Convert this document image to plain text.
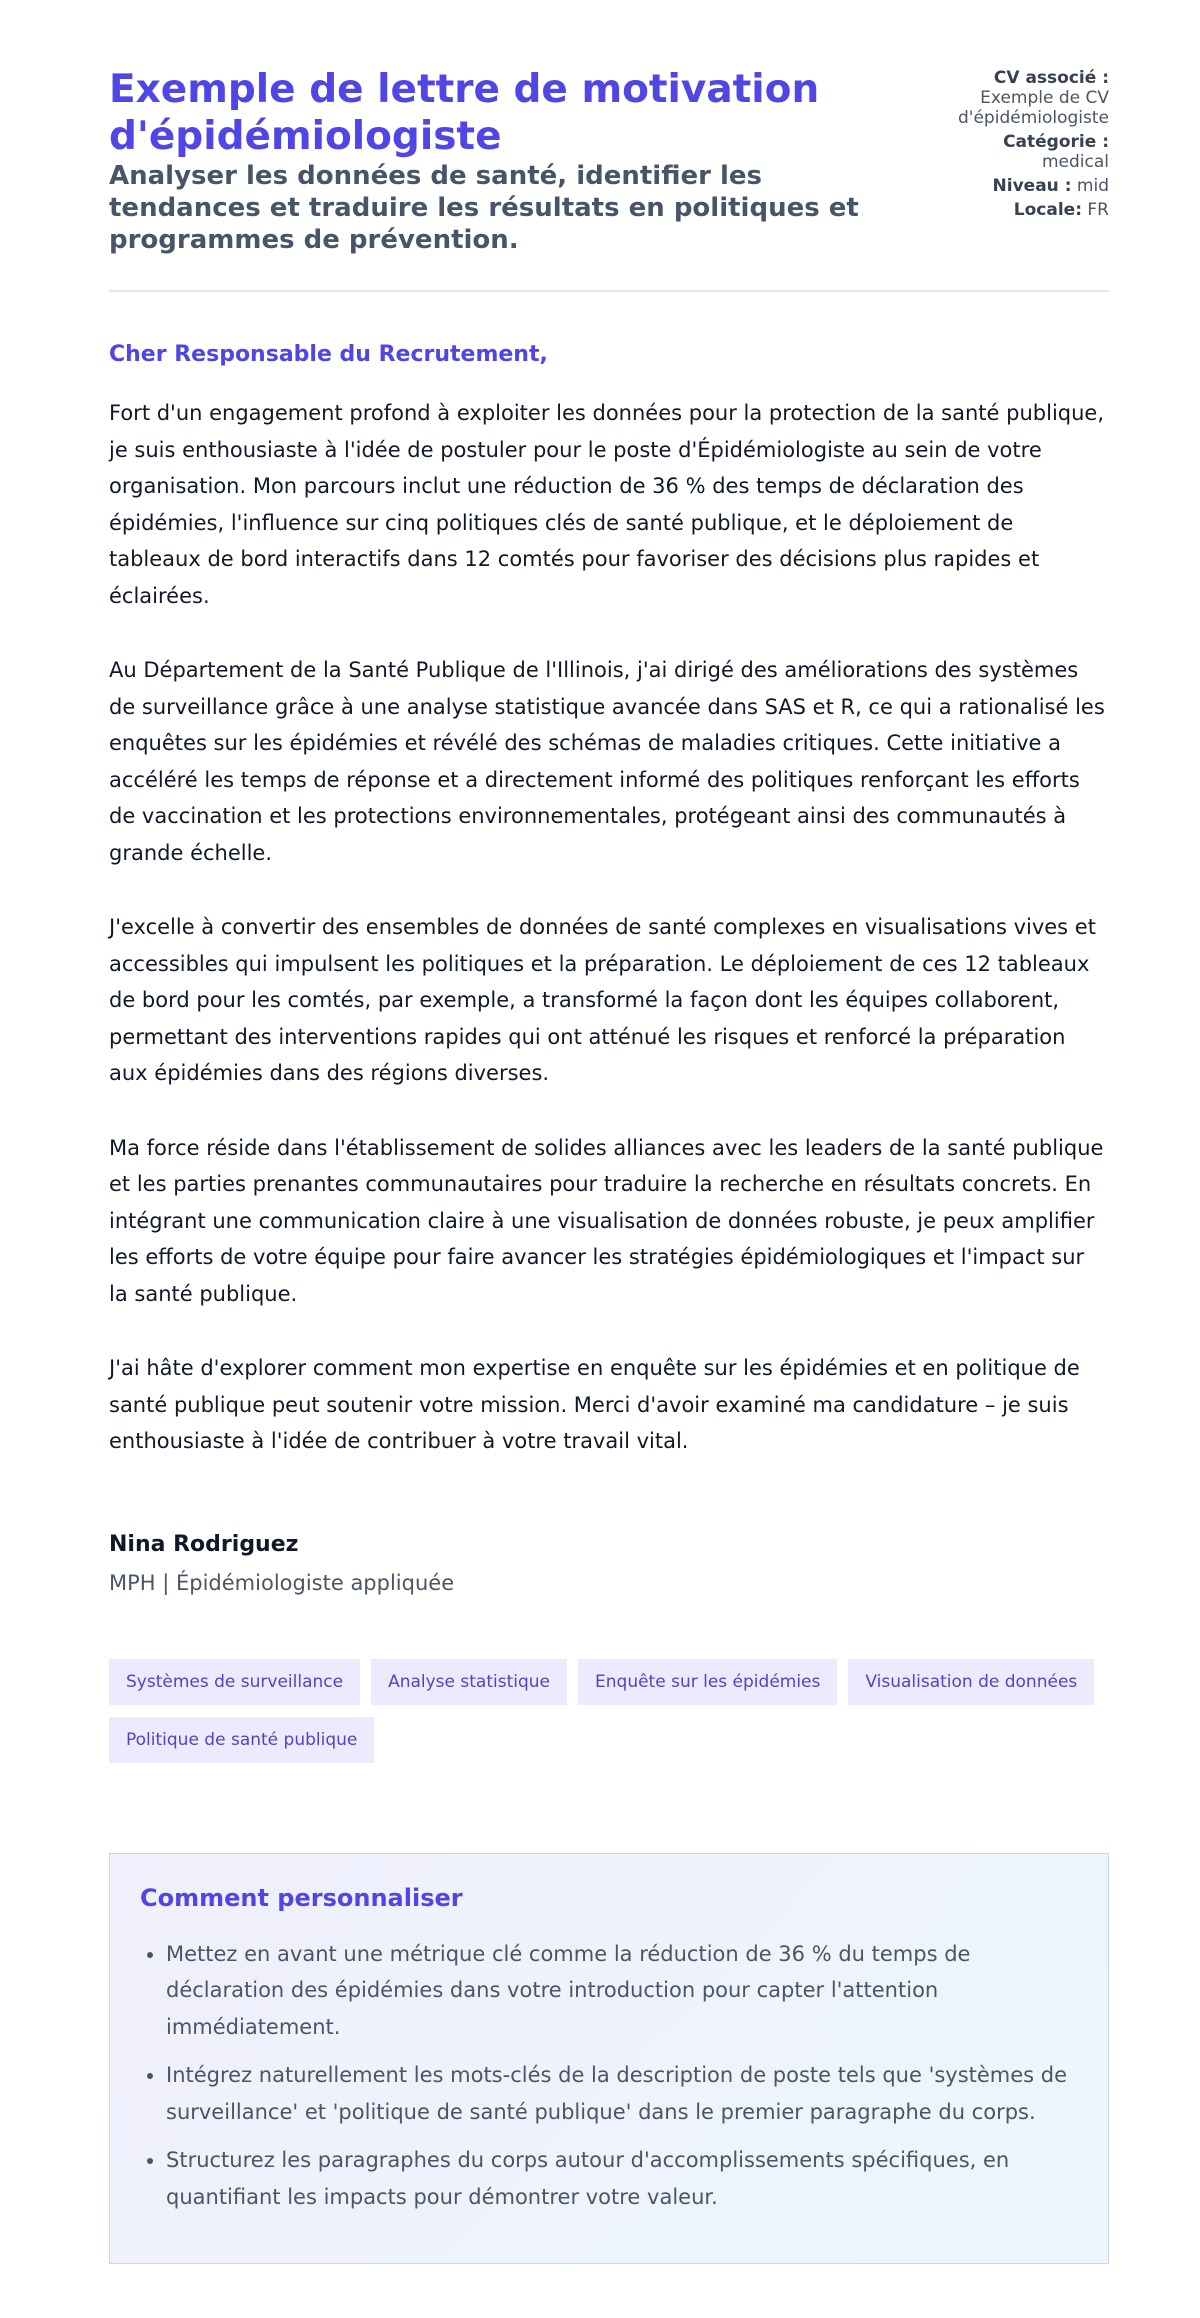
Exemple de lettre de motivation d'épidémiologiste
Analyser les données de santé, identifier les tendances et traduire les résultats en politiques et programmes de prévention.
CV associé :
Exemple de CV d'épidémiologiste
Catégorie :
medical
Niveau : mid
Locale: FR
Cher Responsable du Recrutement,

Fort d'un engagement profond à exploiter les données pour la protection de la santé publique, je suis enthousiaste à l'idée de postuler pour le poste d'Épidémiologiste au sein de votre organisation. Mon parcours inclut une réduction de 36 % des temps de déclaration des épidémies, l'influence sur cinq politiques clés de santé publique, et le déploiement de tableaux de bord interactifs dans 12 comtés pour favoriser des décisions plus rapides et éclairées.

Au Département de la Santé Publique de l'Illinois, j'ai dirigé des améliorations des systèmes de surveillance grâce à une analyse statistique avancée dans SAS et R, ce qui a rationalisé les enquêtes sur les épidémies et révélé des schémas de maladies critiques. Cette initiative a accéléré les temps de réponse et a directement informé des politiques renforçant les efforts de vaccination et les protections environnementales, protégeant ainsi des communautés à grande échelle.

J'excelle à convertir des ensembles de données de santé complexes en visualisations vives et accessibles qui impulsent les politiques et la préparation. Le déploiement de ces 12 tableaux de bord pour les comtés, par exemple, a transformé la façon dont les équipes collaborent, permettant des interventions rapides qui ont atténué les risques et renforcé la préparation aux épidémies dans des régions diverses.

Ma force réside dans l'établissement de solides alliances avec les leaders de la santé publique et les parties prenantes communautaires pour traduire la recherche en résultats concrets. En intégrant une communication claire à une visualisation de données robuste, je peux amplifier les efforts de votre équipe pour faire avancer les stratégies épidémiologiques et l'impact sur la santé publique.

J'ai hâte d'explorer comment mon expertise en enquête sur les épidémies et en politique de santé publique peut soutenir votre mission. Merci d'avoir examiné ma candidature – je suis enthousiaste à l'idée de contribuer à votre travail vital.

Nina Rodriguez
MPH | Épidémiologiste appliquée
Systèmes de surveillance	Analyse statistique	Enquête sur les épidémies	Visualisation de données
Politique de santé publique
Comment personnaliser
• Mettez en avant une métrique clé comme la réduction de 36 % du temps de déclaration des épidémies dans votre introduction pour capter l'attention immédiatement.
• Intégrez naturellement les mots-clés de la description de poste tels que 'systèmes de surveillance' et 'politique de santé publique' dans le premier paragraphe du corps.
• Structurez les paragraphes du corps autour d'accomplissements spécifiques, en quantifiant les impacts pour démontrer votre valeur.
